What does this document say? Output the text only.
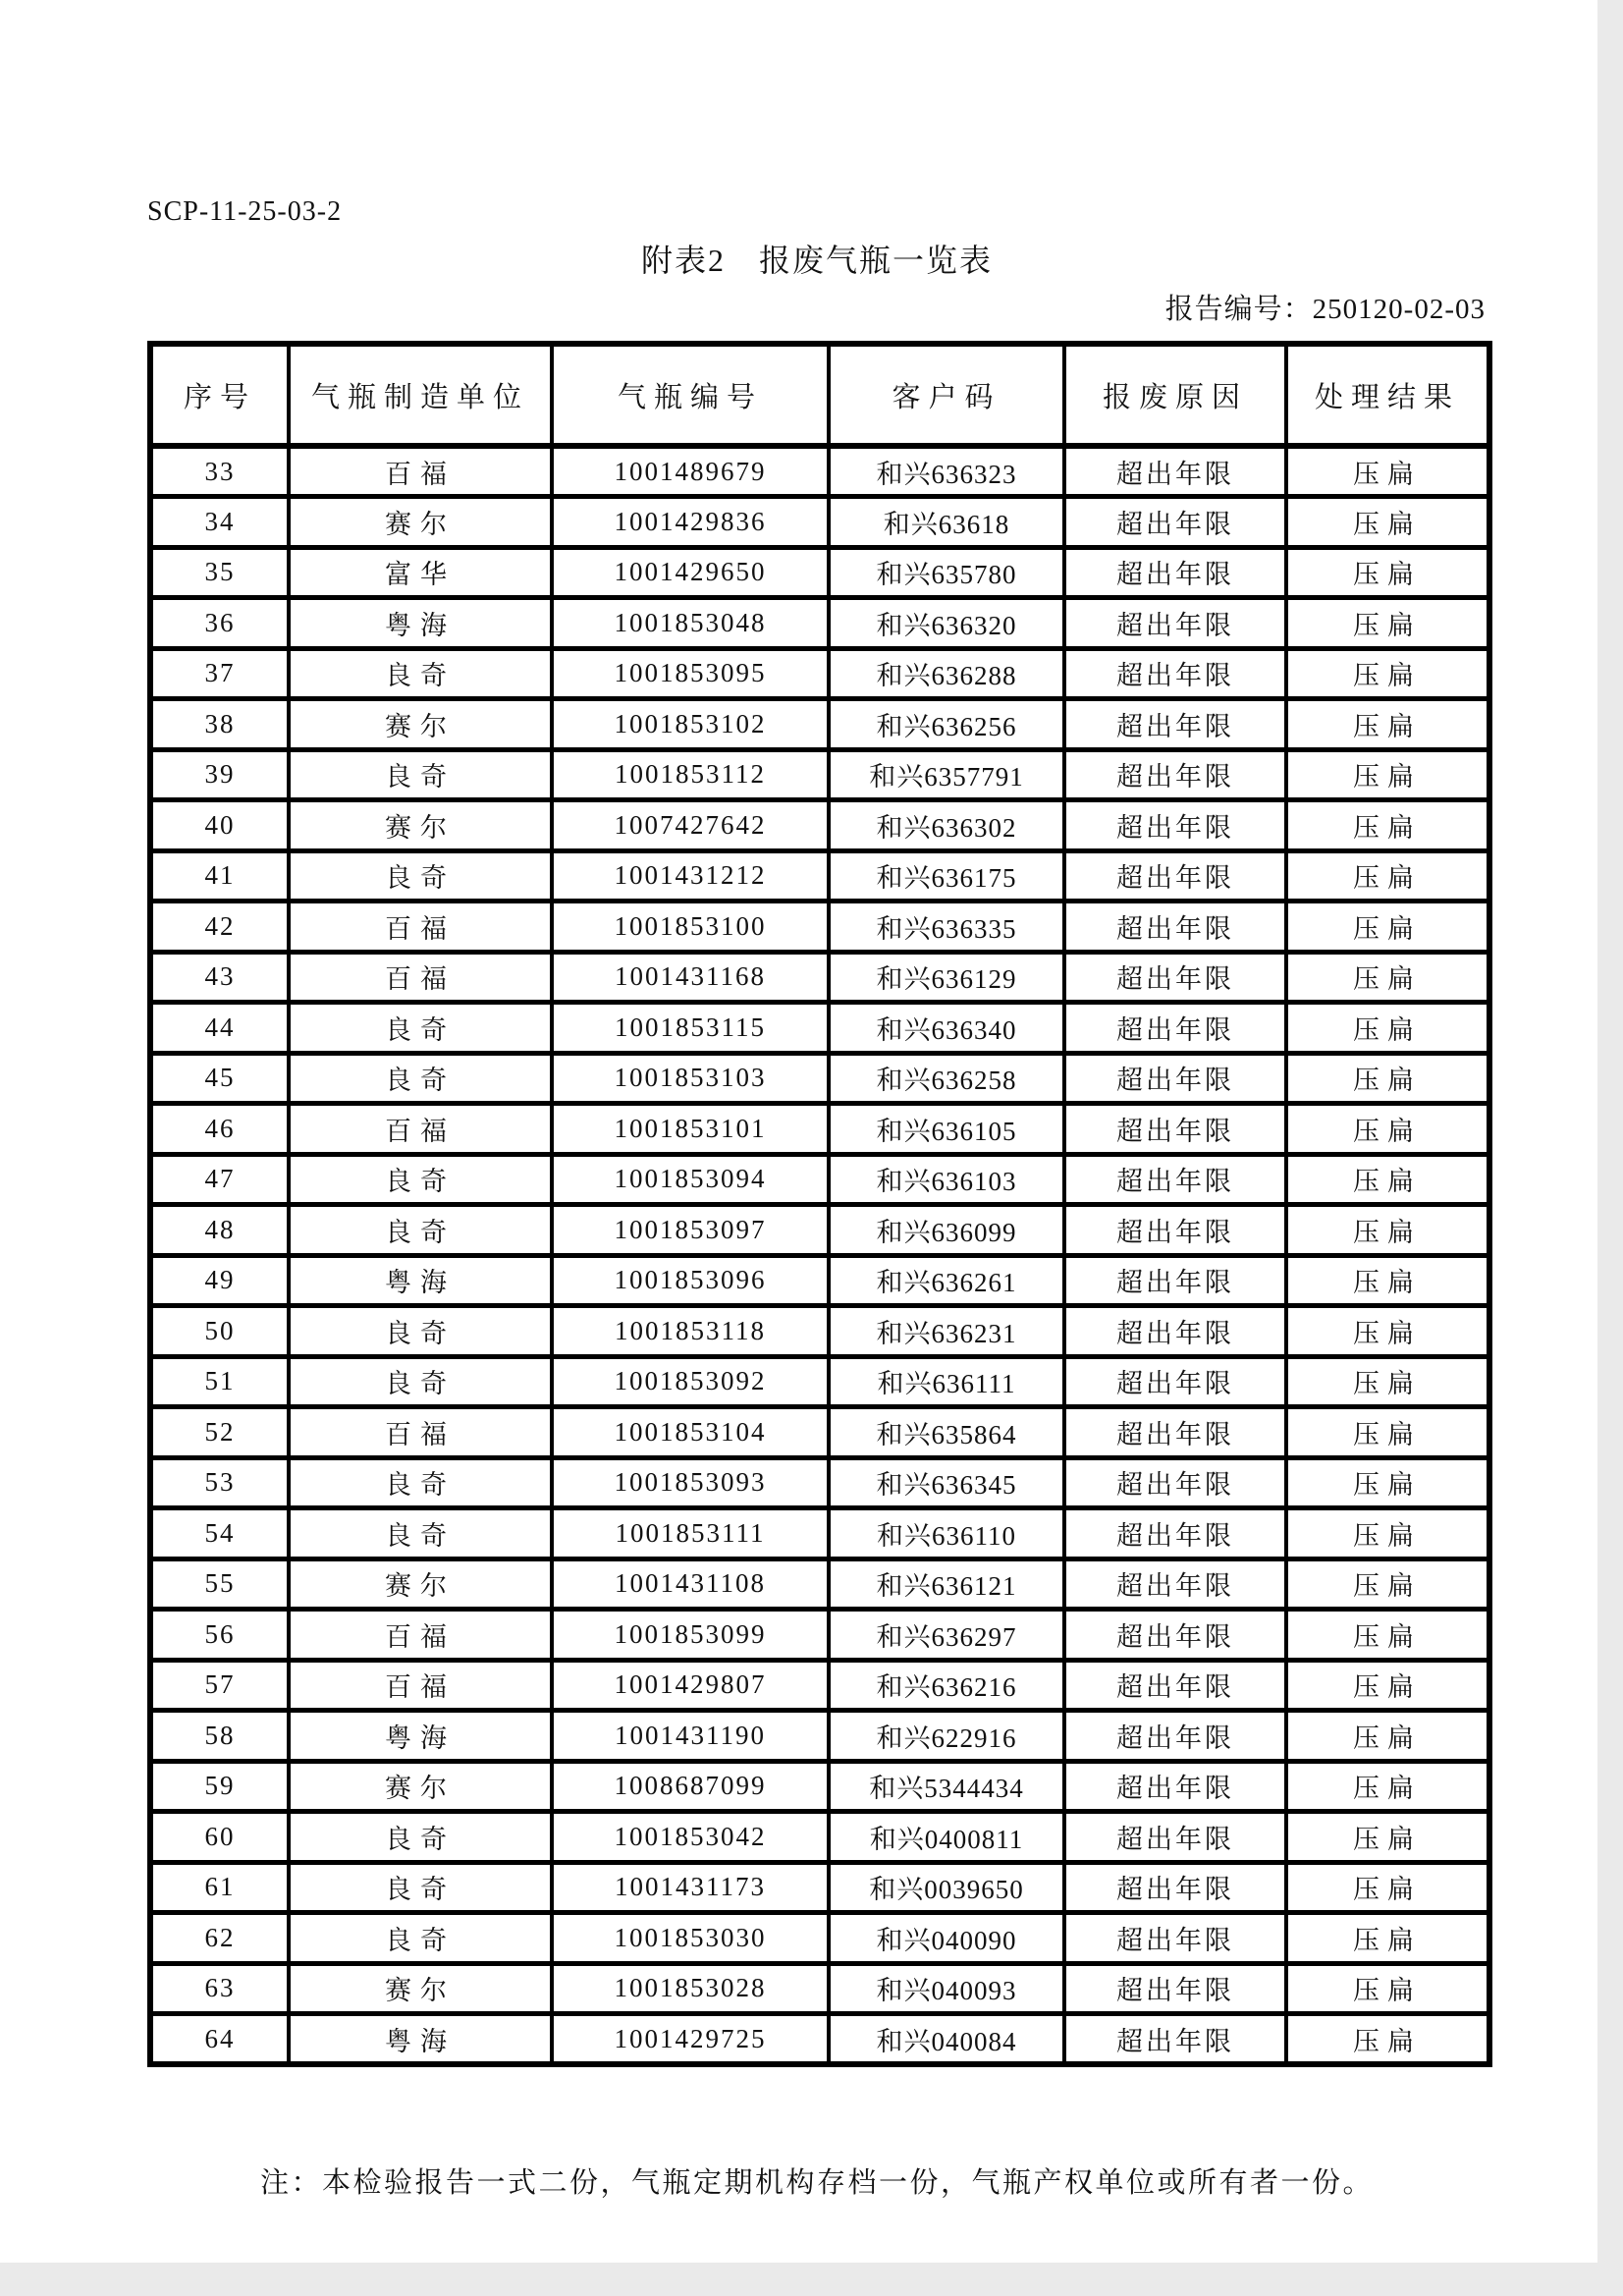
SCP-11-25-03-2
附表2　报废气瓶一览表
报告编号：250120-02-03
序号	气瓶制造单位	气瓶编号	客户码	报废原因	处理结果
33	百福	1001489679	和兴636323	超出年限	压扁
34	赛尔	1001429836	和兴63618	超出年限	压扁
35	富华	1001429650	和兴635780	超出年限	压扁
36	粤海	1001853048	和兴636320	超出年限	压扁
37	良奇	1001853095	和兴636288	超出年限	压扁
38	赛尔	1001853102	和兴636256	超出年限	压扁
39	良奇	1001853112	和兴6357791	超出年限	压扁
40	赛尔	1007427642	和兴636302	超出年限	压扁
41	良奇	1001431212	和兴636175	超出年限	压扁
42	百福	1001853100	和兴636335	超出年限	压扁
43	百福	1001431168	和兴636129	超出年限	压扁
44	良奇	1001853115	和兴636340	超出年限	压扁
45	良奇	1001853103	和兴636258	超出年限	压扁
46	百福	1001853101	和兴636105	超出年限	压扁
47	良奇	1001853094	和兴636103	超出年限	压扁
48	良奇	1001853097	和兴636099	超出年限	压扁
49	粤海	1001853096	和兴636261	超出年限	压扁
50	良奇	1001853118	和兴636231	超出年限	压扁
51	良奇	1001853092	和兴636111	超出年限	压扁
52	百福	1001853104	和兴635864	超出年限	压扁
53	良奇	1001853093	和兴636345	超出年限	压扁
54	良奇	1001853111	和兴636110	超出年限	压扁
55	赛尔	1001431108	和兴636121	超出年限	压扁
56	百福	1001853099	和兴636297	超出年限	压扁
57	百福	1001429807	和兴636216	超出年限	压扁
58	粤海	1001431190	和兴622916	超出年限	压扁
59	赛尔	1008687099	和兴5344434	超出年限	压扁
60	良奇	1001853042	和兴0400811	超出年限	压扁
61	良奇	1001431173	和兴0039650	超出年限	压扁
62	良奇	1001853030	和兴040090	超出年限	压扁
63	赛尔	1001853028	和兴040093	超出年限	压扁
64	粤海	1001429725	和兴040084	超出年限	压扁
注：本检验报告一式二份，气瓶定期机构存档一份，气瓶产权单位或所有者一份。
